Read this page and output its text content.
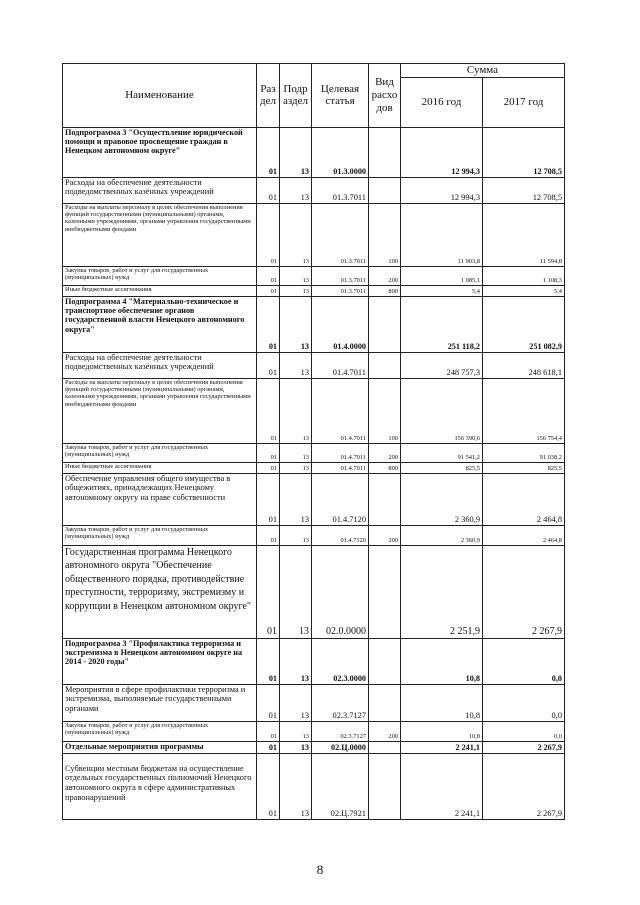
Наименование	Раз дел	Подр аздел	Целевая статья	Вид расхо дов	Сумма	
					2016 год	2017 год
Подпрограмма 3 "Осуществление юридической помощи и правовое просвещение граждан в Ненецком автономном округе"	01	13	01.3.0000		12 994,3	12 708,5
Расходы на обеспечение деятельности подведомственных казённых учреждений	01	13	01.3.7011		12 994,3	12 708,5
Расходы на выплаты персоналу в целях обеспечения выполнения функций государственными (муниципальными) органами, казенными учреждениями, органами управления государственными внебюджетными фондами	01	13	01.3.7011	100	11 903,8	11 594,8
Закупка товаров, работ и услуг для государственных (муниципальных) нужд	01	13	01.3.7011	200	1 085,1	1 108,3
Иные бюджетные ассигнования	01	13	01.3.7011	800	5,4	5,4
Подпрограмма 4 "Материально-техническое и транспортное обеспечение органов государственной власти Ненецкого автономного округа"	01	13	01.4.0000		251 118,2	251 082,9
Расходы на обеспечение деятельности подведомственных казённых учреждений	01	13	01.4.7011		248 757,3	248 618,1
Расходы на выплаты персоналу в целях обеспечения выполнения функций государственными (муниципальными) органами, казенными учреждениями, органами управления государственными внебюджетными фондами	01	13	01.4.7011	100	156 390,6	156 754,4
Закупка товаров, работ и услуг для государственных (муниципальных) нужд	01	13	01.4.7011	200	91 541,2	91 038,2
Иные бюджетные ассигнования	01	13	01.4.7011	800	825,5	825,5
Обеспечение управления общего имущества в общежитиях, принадлежащих Ненецкому автономному округу на праве собственности	01	13	01.4.7120		2 360,9	2 464,8
Закупка товаров, работ и услуг для государственных (муниципальных) нужд	01	13	01.4.7120	200	2 360,9	2 464,8
Государственная программа Ненецкого автономного округа "Обеспечение общественного порядка, противодействие преступности, терроризму, экстремизму и коррупции в Ненецком автономном округе"	01	13	02.0.0000		2 251,9	2 267,9
Подпрограмма 3 "Профилактика терроризма и экстремизма в Ненецком автономном округе на 2014 - 2020 годы"	01	13	02.3.0000		10,8	0,0
Мероприятия в сфере профилактики терроризма и экстремизма, выполняемые государственными органами	01	13	02.3.7127		10,8	0,0
Закупка товаров, работ и услуг для государственных (муниципальных) нужд	01	13	02.3.7127	200	10,8	0,0
Отдельные мероприятия программы	01	13	02.Ц.0000		2 241,1	2 267,9
Субвенции местным бюджетам на осуществление отдельных государственных полномочий Ненецкого автономного округа в сфере административных правонарушений	01	13	02.Ц.7921		2 241,1	2 267,9
8
